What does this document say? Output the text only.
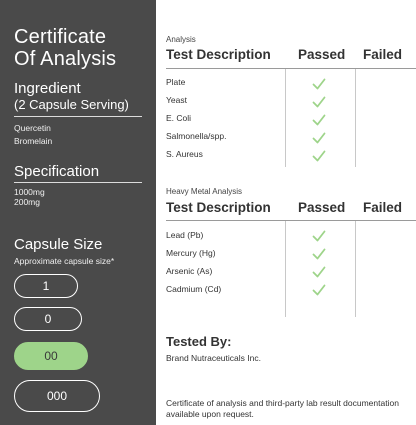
Certificate
Of Analysis
Ingredient
(2 Capsule Serving)
Quercetin
Bromelain
Specification
1000mg
200mg
Capsule Size
Approximate capsule size*
1
0
00
000
Analysis
Test Description Passed Failed
Plate
Yeast
E. Coli
Salmonella/spp.
S. Aureus
Heavy Metal Analysis
Test Description Passed Failed
Lead (Pb)
Mercury (Hg)
Arsenic (As)
Cadmium (Cd)
Tested By:
Brand Nutraceuticals Inc.
Certificate of analysis and third-party lab result documentation available upon request.
